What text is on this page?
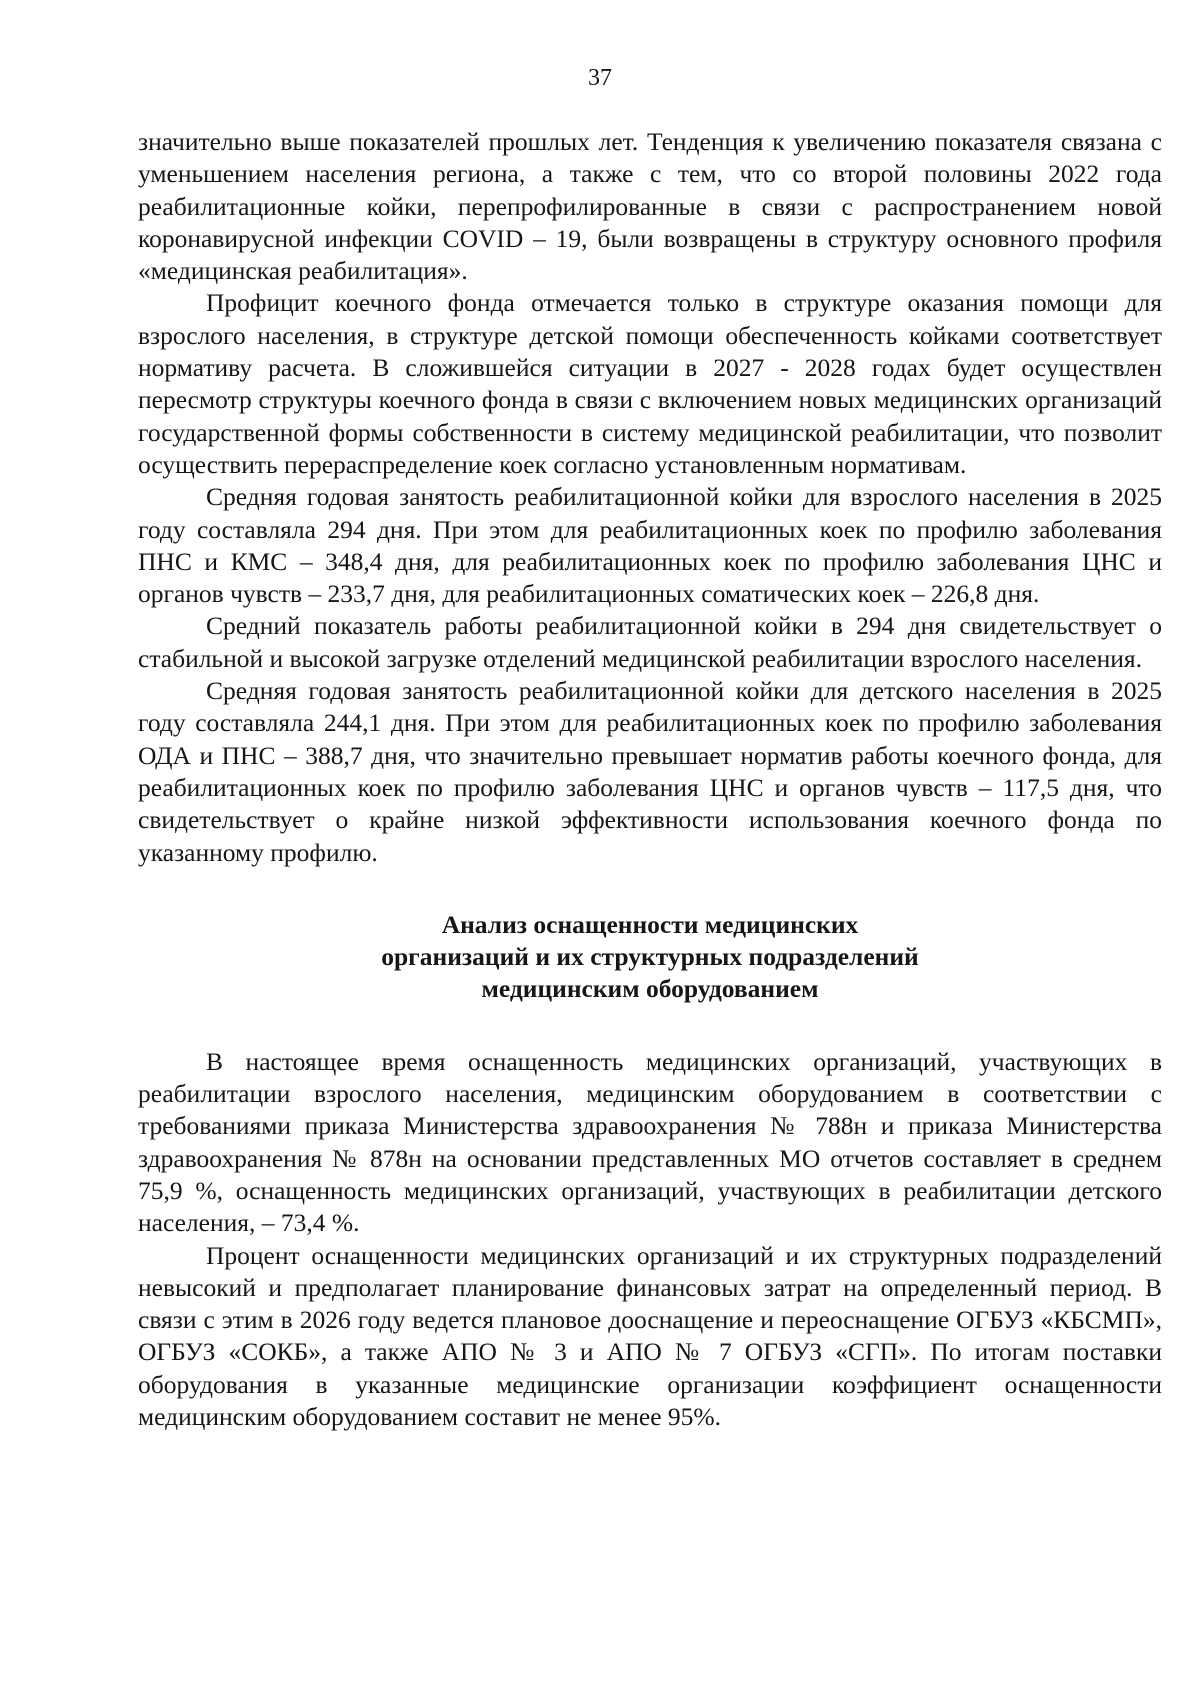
37

значительно выше показателей прошлых лет. Тенденция к увеличению показателя связана с уменьшением населения региона, а также с тем, что со второй половины 2022 года реабилитационные койки, перепрофилированные в связи с распространением новой коронавирусной инфекции COVID – 19, были возвращены в структуру основного профиля «медицинская реабилитация».

Профицит коечного фонда отмечается только в структуре оказания помощи для взрослого населения, в структуре детской помощи обеспеченность койками соответствует нормативу расчета. В сложившейся ситуации в 2027 - 2028 годах будет осуществлен пересмотр структуры коечного фонда в связи с включением новых медицинских организаций государственной формы собственности в систему медицинской реабилитации, что позволит осуществить перераспределение коек согласно установленным нормативам.

Средняя годовая занятость реабилитационной койки для взрослого населения в 2025 году составляла 294 дня. При этом для реабилитационных коек по профилю заболевания ПНС и КМС – 348,4 дня, для реабилитационных коек по профилю заболевания ЦНС и органов чувств – 233,7 дня, для реабилитационных соматических коек – 226,8 дня.

Средний показатель работы реабилитационной койки в 294 дня свидетельствует о стабильной и высокой загрузке отделений медицинской реабилитации взрослого населения.

Средняя годовая занятость реабилитационной койки для детского населения в 2025 году составляла 244,1 дня. При этом для реабилитационных коек по профилю заболевания ОДА и ПНС – 388,7 дня, что значительно превышает норматив работы коечного фонда, для реабилитационных коек по профилю заболевания ЦНС и органов чувств – 117,5 дня, что свидетельствует о крайне низкой эффективности использования коечного фонда по указанному профилю.

Анализ оснащенности медицинских
организаций и их структурных подразделений
медицинским оборудованием

В настоящее время оснащенность медицинских организаций, участвующих в реабилитации взрослого населения, медицинским оборудованием в соответствии с требованиями приказа Министерства здравоохранения № 788н и приказа Министерства здравоохранения № 878н на основании представленных МО отчетов составляет в среднем 75,9 %, оснащенность медицинских организаций, участвующих в реабилитации детского населения, – 73,4 %.

Процент оснащенности медицинских организаций и их структурных подразделений невысокий и предполагает планирование финансовых затрат на определенный период. В связи с этим в 2026 году ведется плановое дооснащение и переоснащение ОГБУЗ «КБСМП», ОГБУЗ «СОКБ», а также АПО № 3 и АПО № 7 ОГБУЗ «СГП». По итогам поставки оборудования в указанные медицинские организации коэффициент оснащенности медицинским оборудованием составит не менее 95%.
